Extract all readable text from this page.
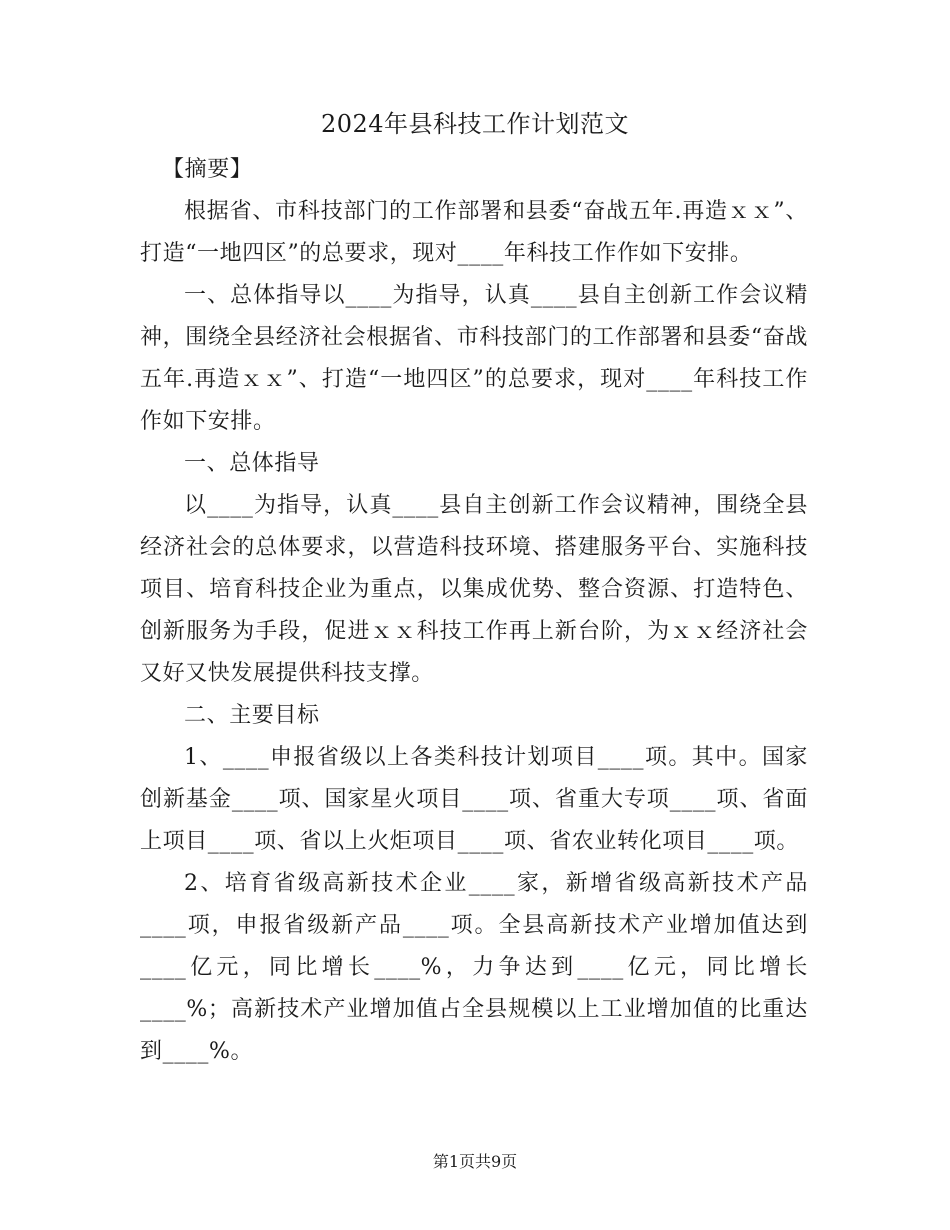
2024年县科技工作计划范文

【摘要】

根据省、市科技部门的工作部署和县委“奋战五年.再造ｘｘ”、打造“一地四区”的总要求，现对____年科技工作作如下安排。

一、总体指导以____为指导，认真____县自主创新工作会议精神，围绕全县经济社会根据省、市科技部门的工作部署和县委“奋战五年.再造ｘｘ”、打造“一地四区”的总要求，现对____年科技工作作如下安排。

一、总体指导

以____为指导，认真____县自主创新工作会议精神，围绕全县经济社会的总体要求，以营造科技环境、搭建服务平台、实施科技项目、培育科技企业为重点，以集成优势、整合资源、打造特色、创新服务为手段，促进ｘｘ科技工作再上新台阶，为ｘｘ经济社会又好又快发展提供科技支撑。

二、主要目标

1、____申报省级以上各类科技计划项目____项。其中。国家创新基金____项、国家星火项目____项、省重大专项____项、省面上项目____项、省以上火炬项目____项、省农业转化项目____项。

2、培育省级高新技术企业____家，新增省级高新技术产品____项，申报省级新产品____项。全县高新技术产业增加值达到____亿元，同比增长____%，力争达到____亿元，同比增长____%；高新技术产业增加值占全县规模以上工业增加值的比重达到____%。

第1页共9页
